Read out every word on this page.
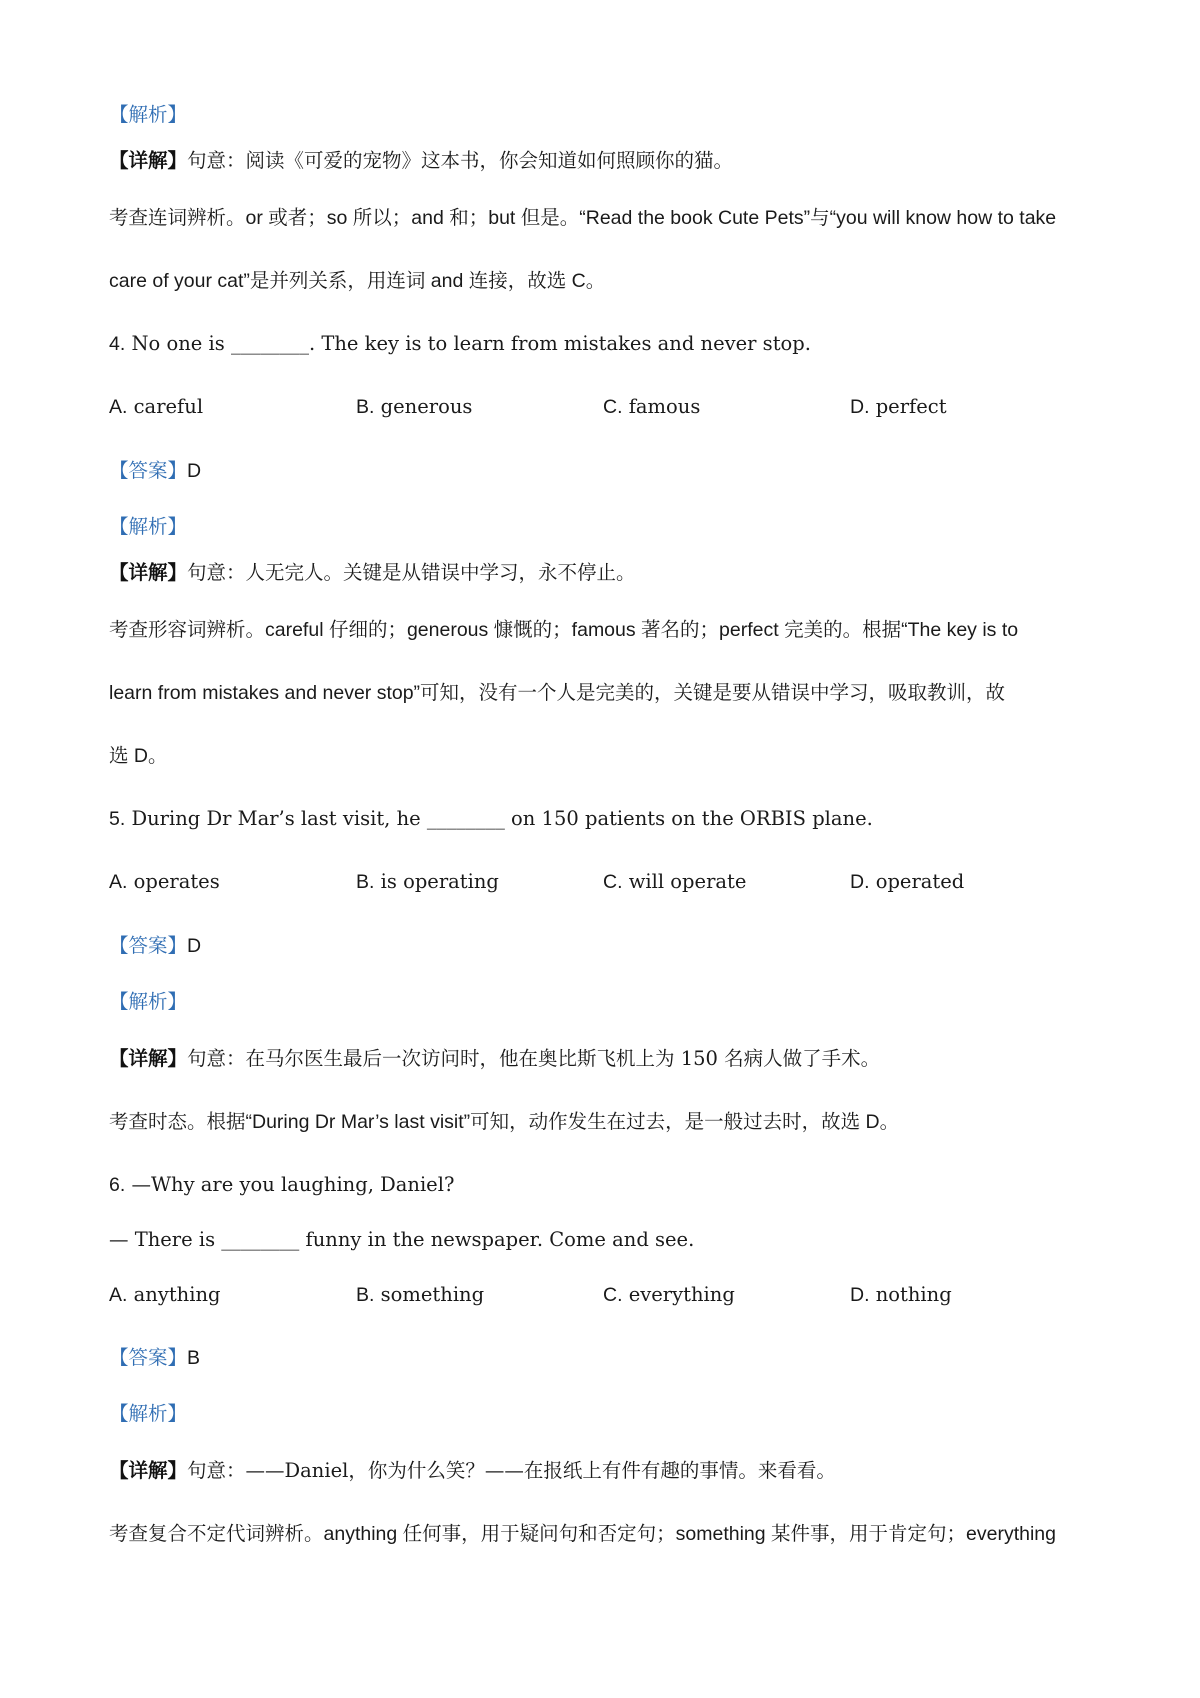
【解析】
【详解】句意：阅读《可爱的宠物》这本书，你会知道如何照顾你的猫。
考查连词辨析。or 或者；so 所以；and 和；but 但是。“Read the book Cute Pets”与“you will know how to take
care of your cat”是并列关系，用连词 and 连接，故选 C。
4. No one is ________. The key is to learn from mistakes and never stop.
A. careful	B. generous	C. famous	D. perfect
【答案】D
【解析】
【详解】句意：人无完人。关键是从错误中学习，永不停止。
考查形容词辨析。careful 仔细的；generous 慷慨的；famous 著名的；perfect 完美的。根据“The key is to
learn from mistakes and never stop”可知，没有一个人是完美的，关键是要从错误中学习，吸取教训，故
选 D。
5. During Dr Mar’s last visit, he ________ on 150 patients on the ORBIS plane.
A. operates	B. is operating	C. will operate	D. operated
【答案】D
【解析】
【详解】句意：在马尔医生最后一次访问时，他在奥比斯飞机上为 150 名病人做了手术。
考查时态。根据“During Dr Mar’s last visit”可知，动作发生在过去，是一般过去时，故选 D。
6. —Why are you laughing, Daniel?
— There is ________ funny in the newspaper. Come and see.
A. anything	B. something	C. everything	D. nothing
【答案】B
【解析】
【详解】句意：——Daniel，你为什么笑？——在报纸上有件有趣的事情。来看看。
考查复合不定代词辨析。anything 任何事，用于疑问句和否定句；something 某件事，用于肯定句；everything
